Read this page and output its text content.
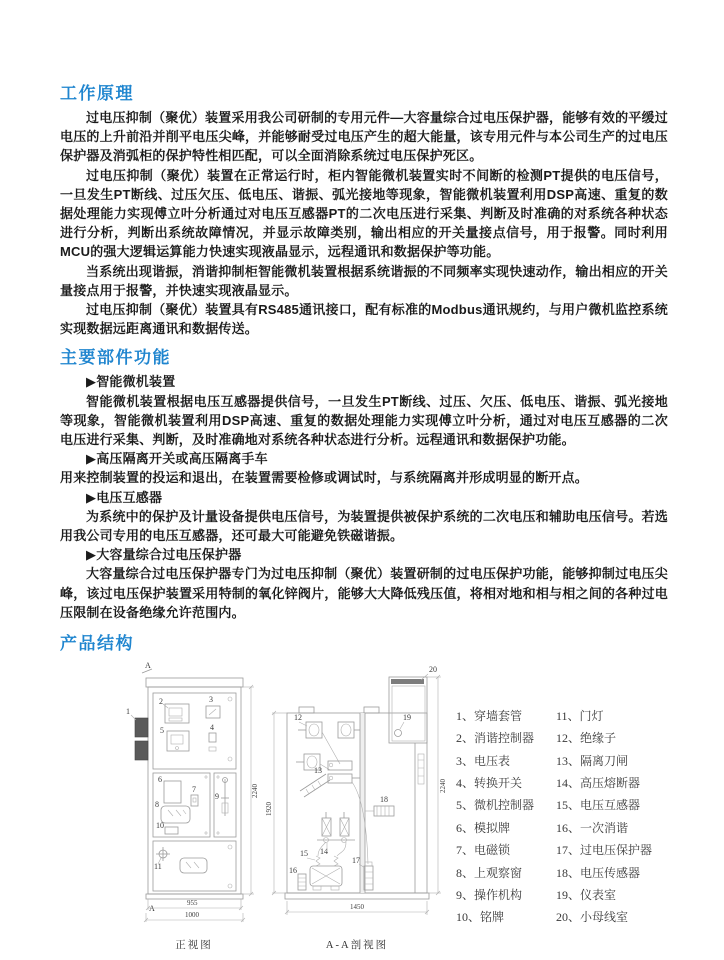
工作原理

过电压抑制（聚优）装置采用我公司研制的专用元件—大容量综合过电压保护器，能够有效的平缓过电压的上升前沿并削平电压尖峰，并能够耐受过电压产生的超大能量，该专用元件与本公司生产的过电压保护器及消弧柜的保护特性相匹配，可以全面消除系统过电压保护死区。

过电压抑制（聚优）装置在正常运行时，柜内智能微机装置实时不间断的检测PT提供的电压信号，一旦发生PT断线、过压欠压、低电压、谐振、弧光接地等现象，智能微机装置利用DSP高速、重复的数据处理能力实现傅立叶分析通过对电压互感器PT的二次电压进行采集、判断及时准确的对系统各种状态进行分析，判断出系统故障情况，并显示故障类别，输出相应的开关量接点信号，用于报警。同时利用MCU的强大逻辑运算能力快速实现液晶显示，远程通讯和数据保护等功能。

当系统出现谐振，消谐抑制柜智能微机装置根据系统谐振的不同频率实现快速动作，输出相应的开关量接点用于报警，并快速实现液晶显示。

过电压抑制（聚优）装置具有RS485通讯接口，配有标准的Modbus通讯规约，与用户微机监控系统实现数据远距离通讯和数据传送。

主要部件功能

▶智能微机装置

智能微机装置根据电压互感器提供信号，一旦发生PT断线、过压、欠压、低电压、谐振、弧光接地等现象，智能微机装置利用DSP高速、重复的数据处理能力实现傅立叶分析，通过对电压互感器的二次电压进行采集、判断，及时准确地对系统各种状态进行分析。远程通讯和数据保护功能。

▶高压隔离开关或高压隔离手车

用来控制装置的投运和退出，在装置需要检修或调试时，与系统隔离并形成明显的断开点。

▶电压互感器

为系统中的保护及计量设备提供电压信号，为装置提供被保护系统的二次电压和辅助电压信号。若选用我公司专用的电压互感器，还可最大可能避免铁磁谐振。

▶大容量综合过电压保护器

大容量综合过电压保护器专门为过电压抑制（聚优）装置研制的过电压保护功能，能够抑制过电压尖峰，该过电压保护装置采用特制的氧化锌阀片，能够大大降低残压值，将相对地和相与相之间的各种过电压限制在设备绝缘允许范围内。

产品结构
A
2	3
5	4
6
7
8
10
9
11
1
2240
A
955
1000
正视图
20
19
12
13
18
14
15
16
17
1920
2240
1450
A-A剖视图
1、穿墙套管	11、门灯
2、消谐控制器	12、绝缘子
3、电压表	13、隔离刀闸
4、转换开关	14、高压熔断器
5、微机控制器	15、电压互感器
6、模拟牌	16、一次消谐
7、电磁锁	17、过电压保护器
8、上观察窗	18、电压传感器
9、操作机构	19、仪表室
10、铭牌	20、小母线室
